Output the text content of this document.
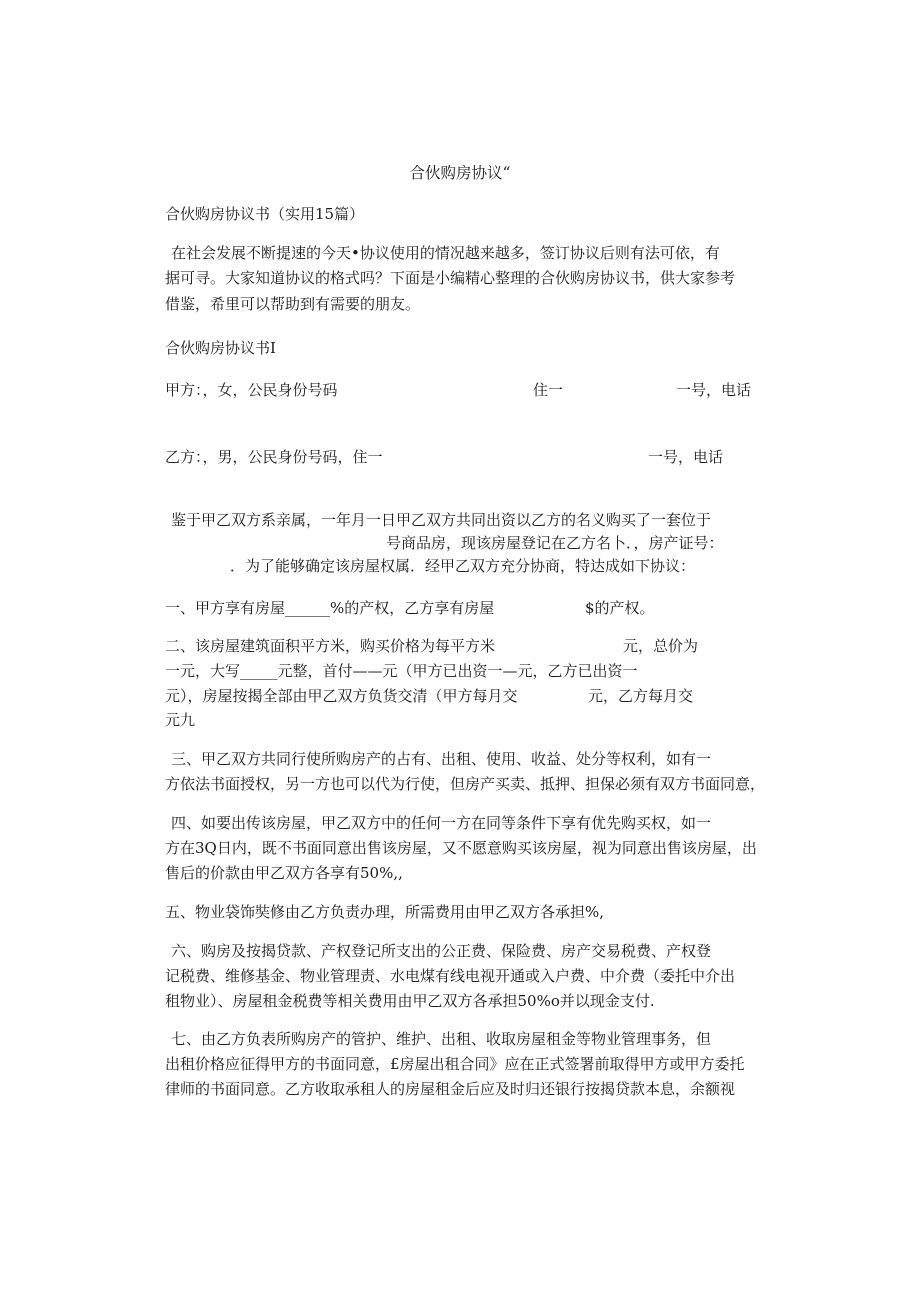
合伙购房协议“
合伙购房协议书（实用15篇）
在社会发展不断提速的今天•协议使用的情况越来越多，签订协议后则有法可依，有
据可寻。大家知道协议的格式吗？下面是小编精心整理的合伙购房协议书，供大家参考
借鉴，希里可以帮助到有需要的朋友。
合伙购房协议书I
甲方：，女，公民身份号码	住一	一号，电话
乙方：，男，公民身份号码，住一	一号，电话
鉴于甲乙双方系亲属，一年月一日甲乙双方共同出资以乙方的名义购买了一套位于
号商品房，现该房屋登记在乙方名卜．，房产证号：
．为了能够确定该房屋权属．经甲乙双方充分协商，特达成如下协议：
一、甲方享有房屋______%的产权，乙方享有房屋	$的产权。
二、该房屋建筑面积平方米，购买价格为每平方米	元，总价为
一元，大写_____元整，首付——元（甲方已出资一—元，乙方已出资一
元），房屋按揭全部由甲乙双方负货交清（甲方每月交	元，乙方每月交
元九
三、甲乙双方共同行使所购房产的占有、出租、使用、收益、处分等权利，如有一
方依法书面授权，另一方也可以代为行使，但房产买卖、抵押、担保必须有双方书面同意，
四、如要出传该房屋，甲乙双方中的任何一方在同等条件下享有优先购买权，如一
方在3Q日内，既不书面同意出售该房屋，又不愿意购买该房屋，视为同意出售该房屋，出
售后的价款由甲乙双方各享有50%,,
五、物业袋饰奘修由乙方负责办理，所需费用由甲乙双方各承担%,
六、购房及按揭贷款、产权登记所支出的公正费、保险费、房产交易税费、产权登
记税费、维修基金、物业管理责、水电煤有线电视开通或入户费、中介费（委托中介出
租物业）、房屋租金税费等相关费用由甲乙双方各承担50%o并以现金支付.
七、由乙方负表所购房产的管护、维护、出租、收取房屋租金等物业管理事务，但
出租价格应征得甲方的书面同意，£房屋出租合同》应在正式签署前取得甲方或甲方委托
律师的书面同意。乙方收取承租人的房屋租金后应及时归还银行按揭贷款本息，余额视
